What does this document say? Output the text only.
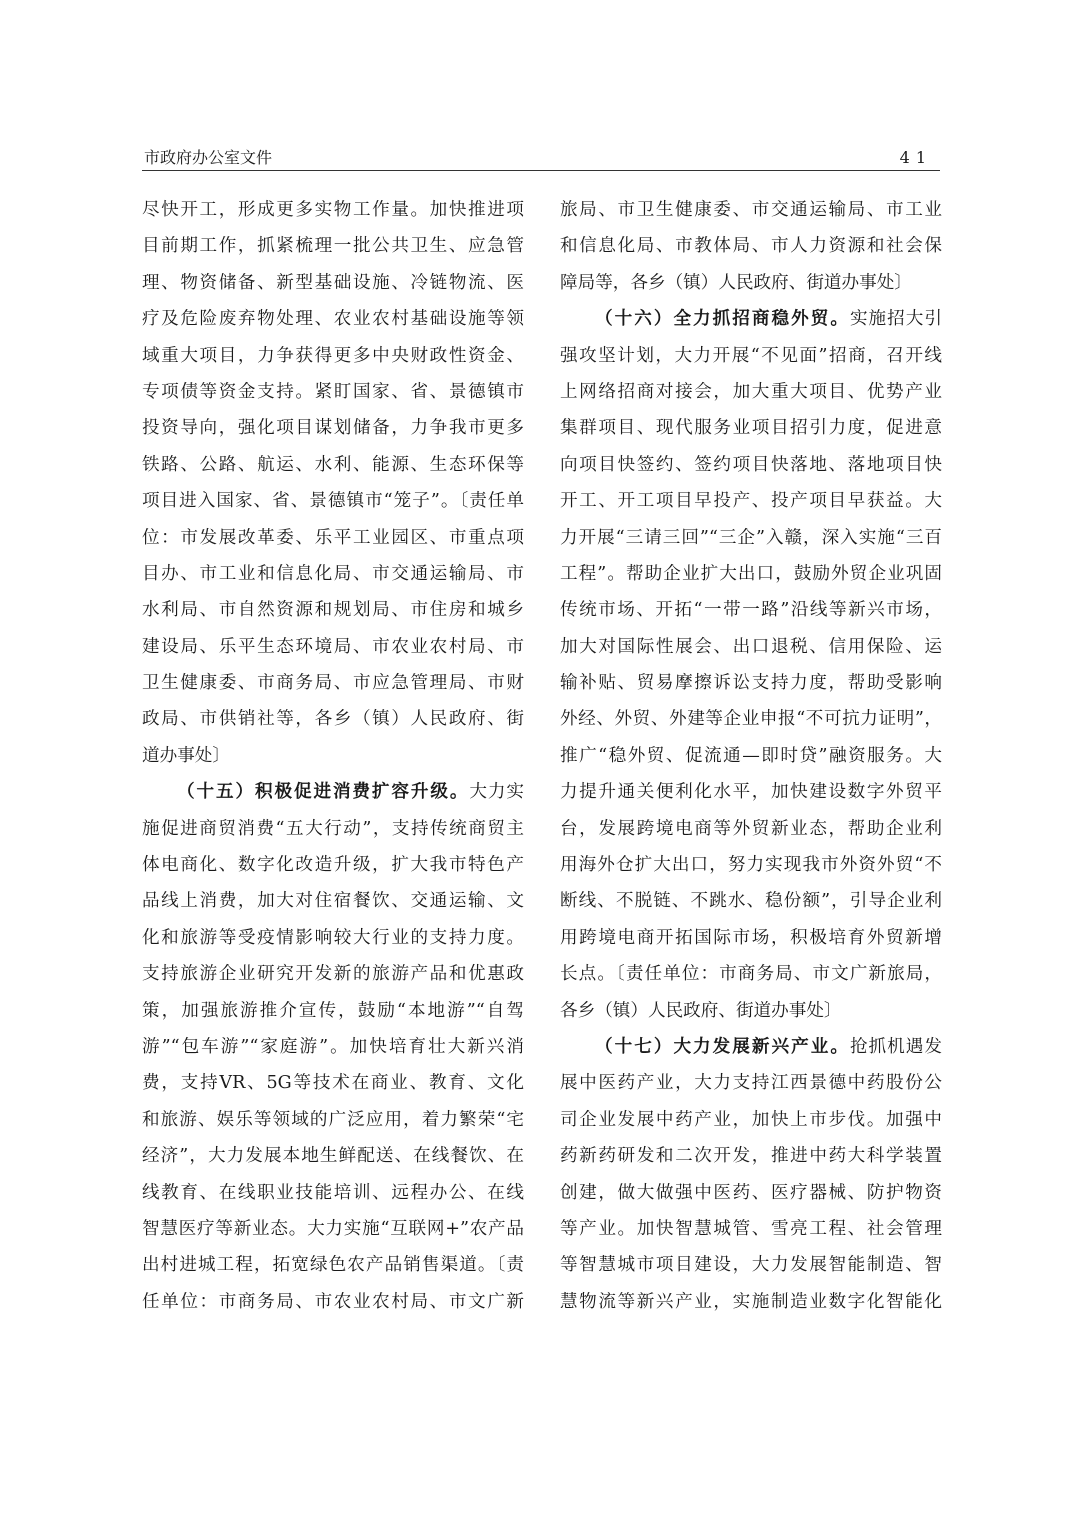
市政府办公室文件	41
尽快开工，形成更多实物工作量。加快推进项
目前期工作，抓紧梳理一批公共卫生、应急管
理、物资储备、新型基础设施、冷链物流、医
疗及危险废弃物处理、农业农村基础设施等领
域重大项目，力争获得更多中央财政性资金、
专项债等资金支持。紧盯国家、省、景德镇市
投资导向，强化项目谋划储备，力争我市更多
铁路、公路、航运、水利、能源、生态环保等
项目进入国家、省、景德镇市“笼子”。〔责任单
位：市发展改革委、乐平工业园区、市重点项
目办、市工业和信息化局、市交通运输局、市
水利局、市自然资源和规划局、市住房和城乡
建设局、乐平生态环境局、市农业农村局、市
卫生健康委、市商务局、市应急管理局、市财
政局、市供销社等，各乡（镇）人民政府、街
道办事处〕
（十五）积极促进消费扩容升级。大力实
施促进商贸消费“五大行动”，支持传统商贸主
体电商化、数字化改造升级，扩大我市特色产
品线上消费，加大对住宿餐饮、交通运输、文
化和旅游等受疫情影响较大行业的支持力度。
支持旅游企业研究开发新的旅游产品和优惠政
策，加强旅游推介宣传，鼓励“本地游”“自驾
游”“包车游”“家庭游”。加快培育壮大新兴消
费，支持VR、5G等技术在商业、教育、文化
和旅游、娱乐等领域的广泛应用，着力繁荣“宅
经济”，大力发展本地生鲜配送、在线餐饮、在
线教育、在线职业技能培训、远程办公、在线
智慧医疗等新业态。大力实施“互联网+”农产品
出村进城工程，拓宽绿色农产品销售渠道。〔责
任单位：市商务局、市农业农村局、市文广新
旅局、市卫生健康委、市交通运输局、市工业
和信息化局、市教体局、市人力资源和社会保
障局等，各乡（镇）人民政府、街道办事处〕
（十六）全力抓招商稳外贸。实施招大引
强攻坚计划，大力开展“不见面”招商，召开线
上网络招商对接会，加大重大项目、优势产业
集群项目、现代服务业项目招引力度，促进意
向项目快签约、签约项目快落地、落地项目快
开工、开工项目早投产、投产项目早获益。大
力开展“三请三回”“三企”入赣，深入实施“三百
工程”。帮助企业扩大出口，鼓励外贸企业巩固
传统市场、开拓“一带一路”沿线等新兴市场，
加大对国际性展会、出口退税、信用保险、运
输补贴、贸易摩擦诉讼支持力度，帮助受影响
外经、外贸、外建等企业申报“不可抗力证明”，
推广“稳外贸、促流通—即时贷”融资服务。大
力提升通关便利化水平，加快建设数字外贸平
台，发展跨境电商等外贸新业态，帮助企业利
用海外仓扩大出口，努力实现我市外资外贸“不
断线、不脱链、不跳水、稳份额”，引导企业利
用跨境电商开拓国际市场，积极培育外贸新增
长点。〔责任单位：市商务局、市文广新旅局，
各乡（镇）人民政府、街道办事处〕
（十七）大力发展新兴产业。抢抓机遇发
展中医药产业，大力支持江西景德中药股份公
司企业发展中药产业，加快上市步伐。加强中
药新药研发和二次开发，推进中药大科学装置
创建，做大做强中医药、医疗器械、防护物资
等产业。加快智慧城管、雪亮工程、社会管理
等智慧城市项目建设，大力发展智能制造、智
慧物流等新兴产业，实施制造业数字化智能化
